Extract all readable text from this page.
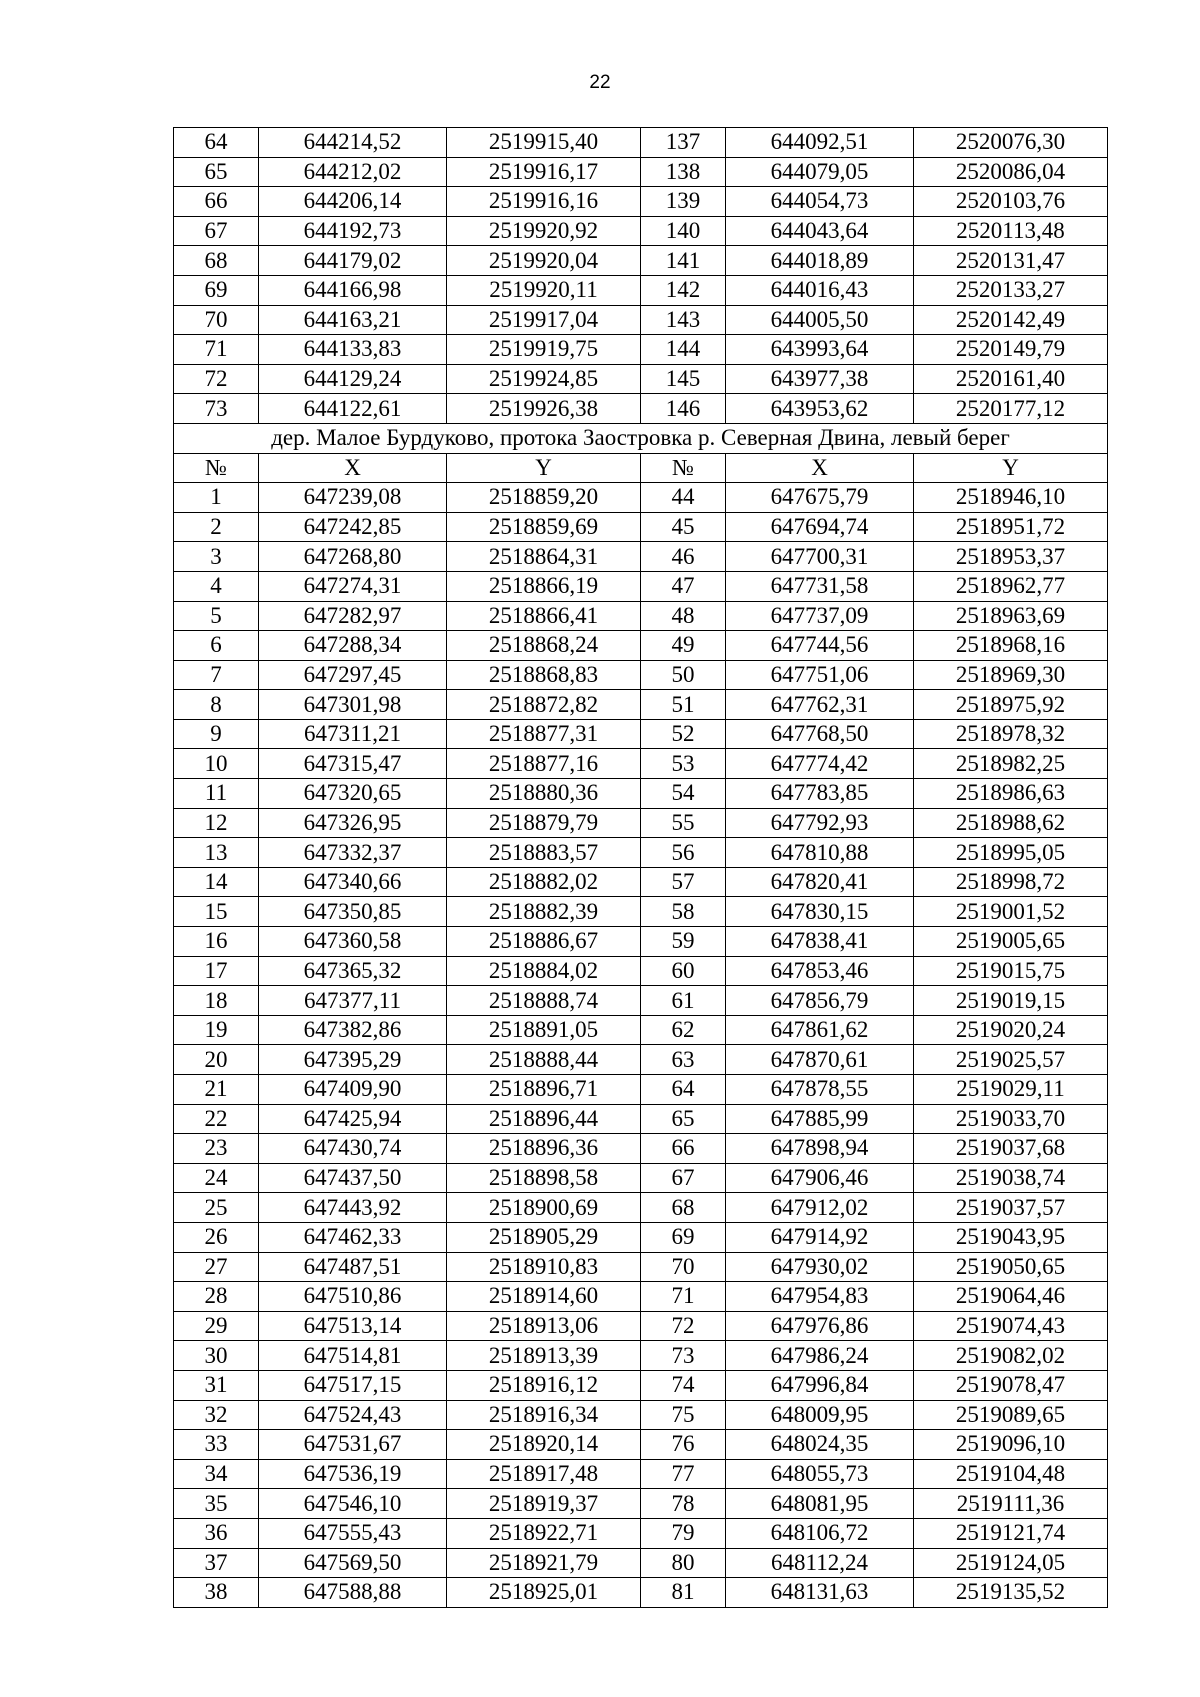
22
64	644214,52	2519915,40	137	644092,51	2520076,30
65	644212,02	2519916,17	138	644079,05	2520086,04
66	644206,14	2519916,16	139	644054,73	2520103,76
67	644192,73	2519920,92	140	644043,64	2520113,48
68	644179,02	2519920,04	141	644018,89	2520131,47
69	644166,98	2519920,11	142	644016,43	2520133,27
70	644163,21	2519917,04	143	644005,50	2520142,49
71	644133,83	2519919,75	144	643993,64	2520149,79
72	644129,24	2519924,85	145	643977,38	2520161,40
73	644122,61	2519926,38	146	643953,62	2520177,12
дер. Малое Бурдуково, протока Заостровка р. Северная Двина, левый берег					
№	X	Y	№	X	Y
1	647239,08	2518859,20	44	647675,79	2518946,10
2	647242,85	2518859,69	45	647694,74	2518951,72
3	647268,80	2518864,31	46	647700,31	2518953,37
4	647274,31	2518866,19	47	647731,58	2518962,77
5	647282,97	2518866,41	48	647737,09	2518963,69
6	647288,34	2518868,24	49	647744,56	2518968,16
7	647297,45	2518868,83	50	647751,06	2518969,30
8	647301,98	2518872,82	51	647762,31	2518975,92
9	647311,21	2518877,31	52	647768,50	2518978,32
10	647315,47	2518877,16	53	647774,42	2518982,25
11	647320,65	2518880,36	54	647783,85	2518986,63
12	647326,95	2518879,79	55	647792,93	2518988,62
13	647332,37	2518883,57	56	647810,88	2518995,05
14	647340,66	2518882,02	57	647820,41	2518998,72
15	647350,85	2518882,39	58	647830,15	2519001,52
16	647360,58	2518886,67	59	647838,41	2519005,65
17	647365,32	2518884,02	60	647853,46	2519015,75
18	647377,11	2518888,74	61	647856,79	2519019,15
19	647382,86	2518891,05	62	647861,62	2519020,24
20	647395,29	2518888,44	63	647870,61	2519025,57
21	647409,90	2518896,71	64	647878,55	2519029,11
22	647425,94	2518896,44	65	647885,99	2519033,70
23	647430,74	2518896,36	66	647898,94	2519037,68
24	647437,50	2518898,58	67	647906,46	2519038,74
25	647443,92	2518900,69	68	647912,02	2519037,57
26	647462,33	2518905,29	69	647914,92	2519043,95
27	647487,51	2518910,83	70	647930,02	2519050,65
28	647510,86	2518914,60	71	647954,83	2519064,46
29	647513,14	2518913,06	72	647976,86	2519074,43
30	647514,81	2518913,39	73	647986,24	2519082,02
31	647517,15	2518916,12	74	647996,84	2519078,47
32	647524,43	2518916,34	75	648009,95	2519089,65
33	647531,67	2518920,14	76	648024,35	2519096,10
34	647536,19	2518917,48	77	648055,73	2519104,48
35	647546,10	2518919,37	78	648081,95	2519111,36
36	647555,43	2518922,71	79	648106,72	2519121,74
37	647569,50	2518921,79	80	648112,24	2519124,05
38	647588,88	2518925,01	81	648131,63	2519135,52
